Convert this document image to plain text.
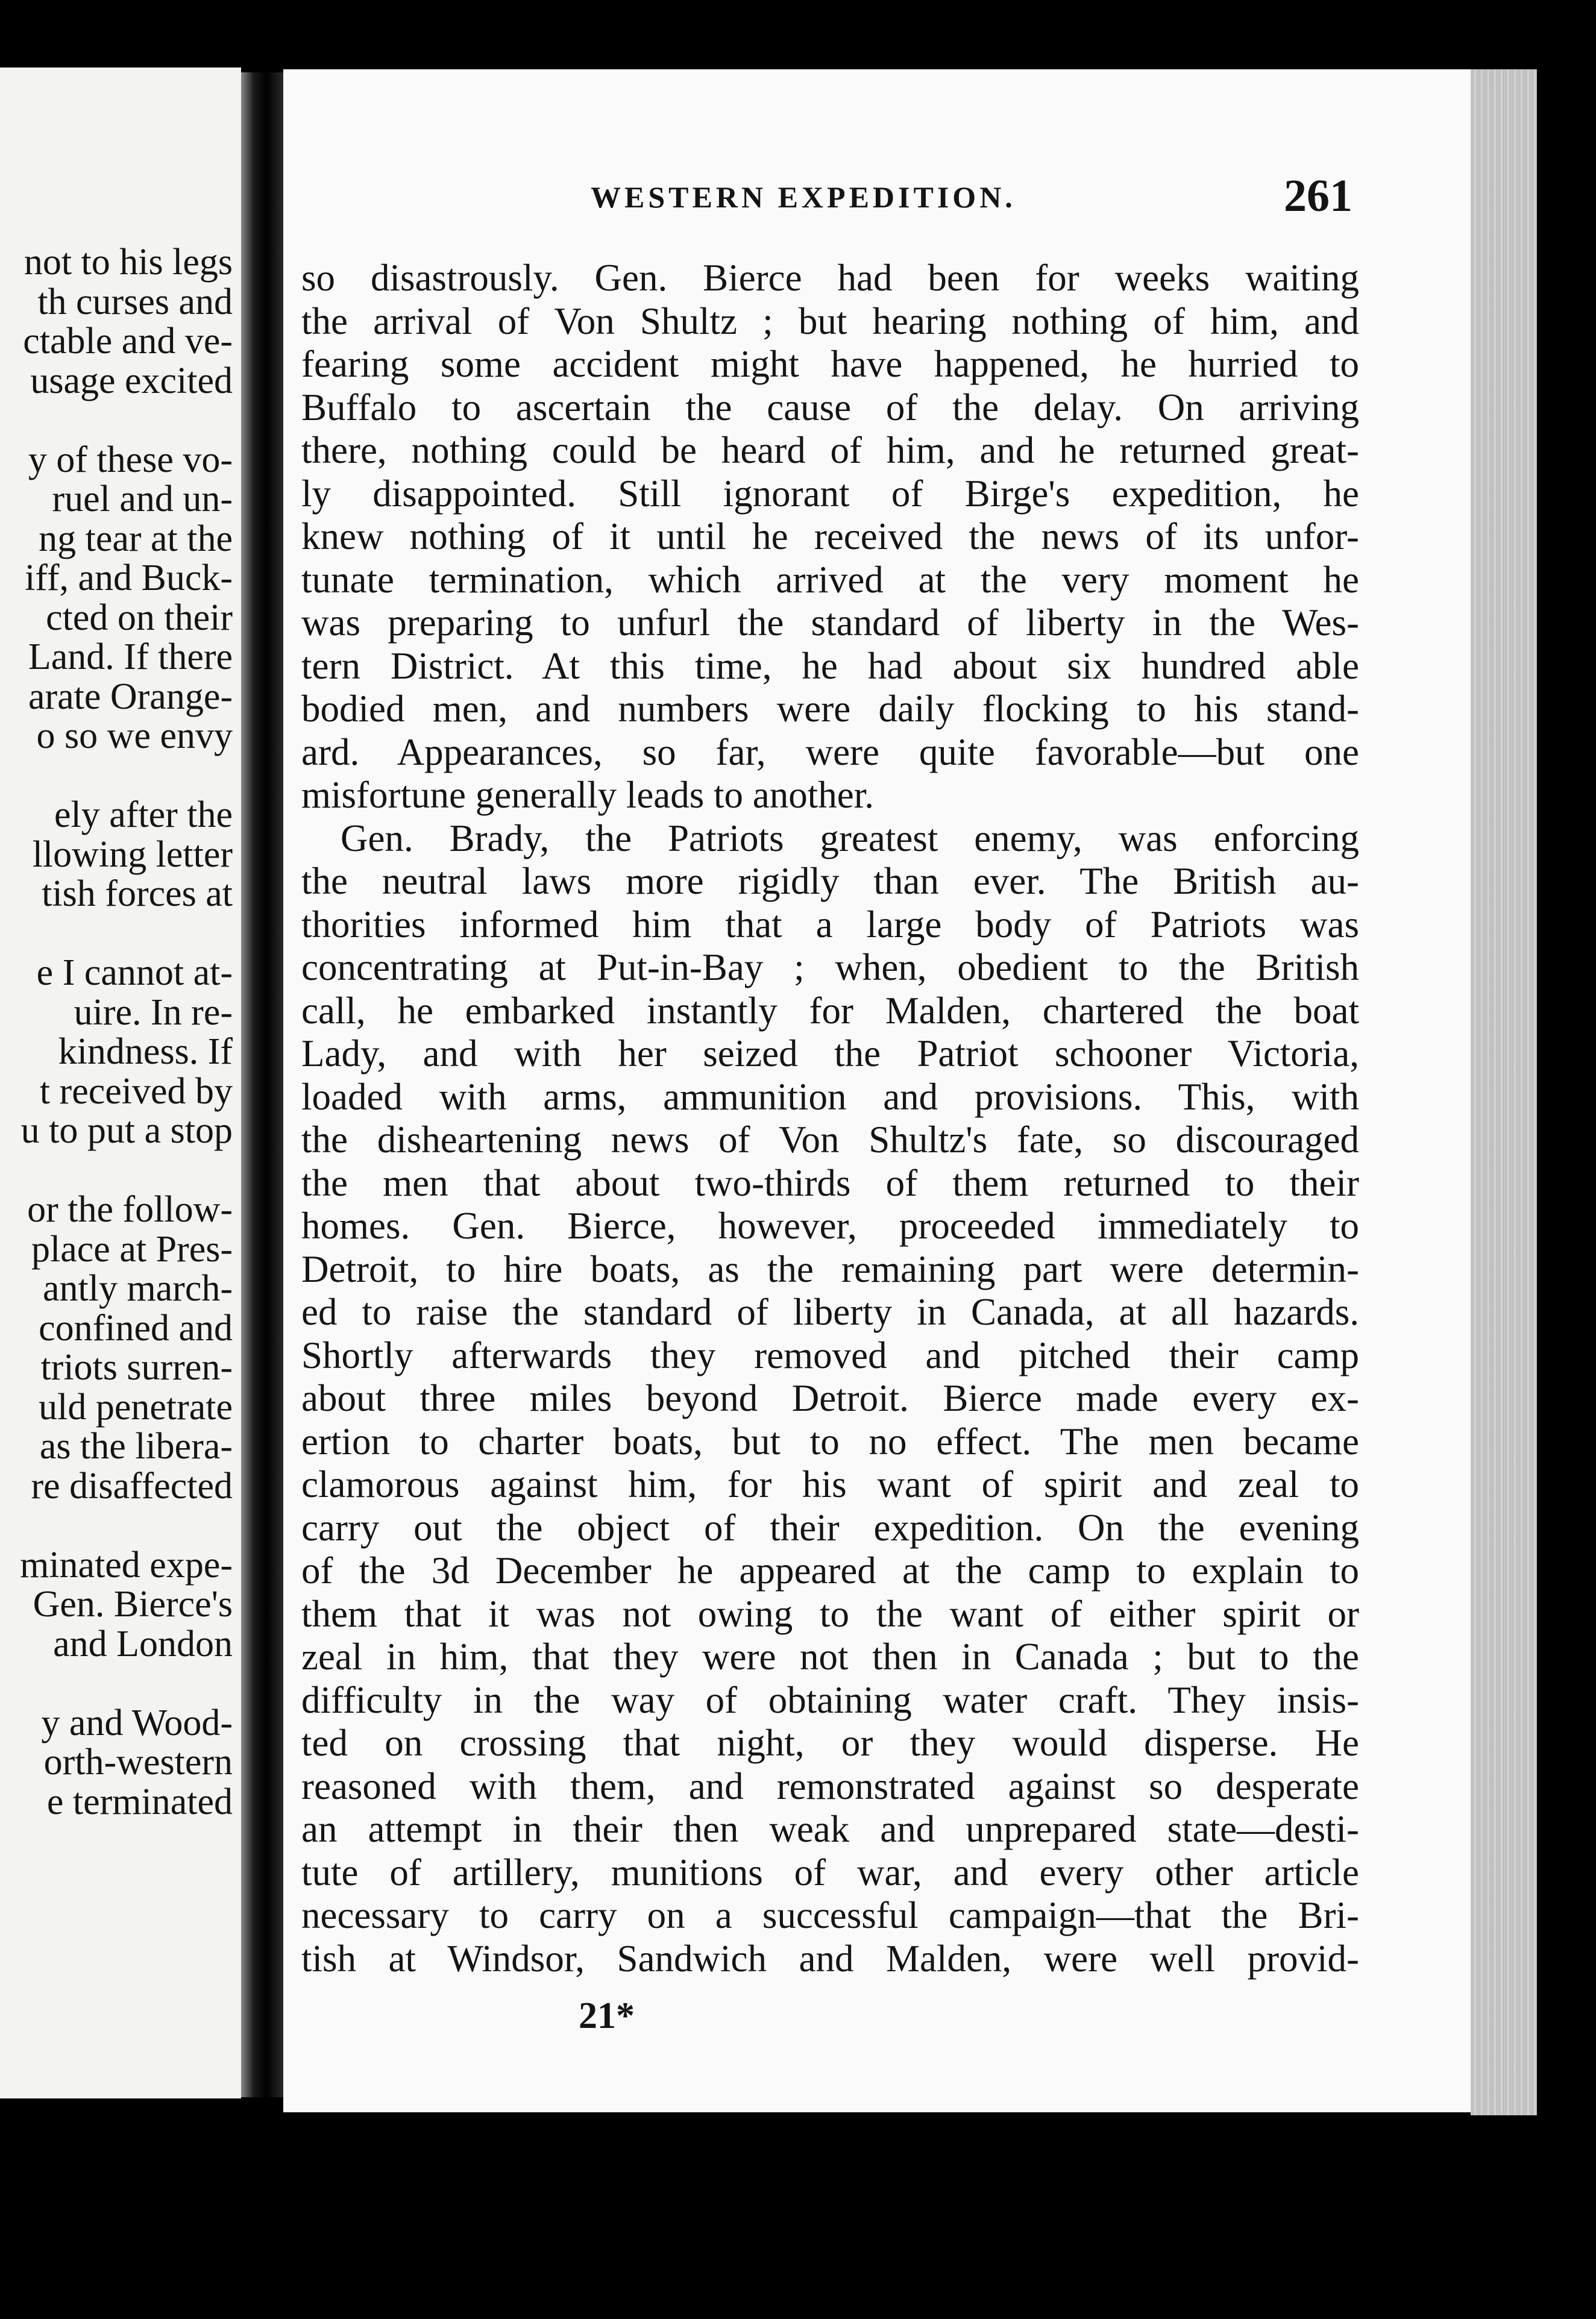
not to his legs
th curses and
ctable and ve-
usage excited
y of these vo-
ruel and un-
ng tear at the
iff, and Buck-
cted on their
Land. If there
arate Orange-
o so we envy
ely after the
llowing letter
tish forces at
e I cannot at-
uire. In re-
kindness. If
t received by
u to put a stop
or the follow-
place at Pres-
antly march-
confined and
triots surren-
uld penetrate
as the libera-
re disaffected
minated expe-
Gen. Bierce's
and London
y and Wood-
orth-western
e terminated
WESTERN EXPEDITION.	261
so disastrously. Gen. Bierce had been for weeks waiting
the arrival of Von Shultz ; but hearing nothing of him, and
fearing some accident might have happened, he hurried to
Buffalo to ascertain the cause of the delay. On arriving
there, nothing could be heard of him, and he returned great-
ly disappointed. Still ignorant of Birge's expedition, he
knew nothing of it until he received the news of its unfor-
tunate termination, which arrived at the very moment he
was preparing to unfurl the standard of liberty in the Wes-
tern District. At this time, he had about six hundred able
bodied men, and numbers were daily flocking to his stand-
ard. Appearances, so far, were quite favorable—but one
misfortune generally leads to another.
Gen. Brady, the Patriots greatest enemy, was enforcing
the neutral laws more rigidly than ever. The British au-
thorities informed him that a large body of Patriots was
concentrating at Put-in-Bay ; when, obedient to the British
call, he embarked instantly for Malden, chartered the boat
Lady, and with her seized the Patriot schooner Victoria,
loaded with arms, ammunition and provisions. This, with
the disheartening news of Von Shultz's fate, so discouraged
the men that about two-thirds of them returned to their
homes. Gen. Bierce, however, proceeded immediately to
Detroit, to hire boats, as the remaining part were determin-
ed to raise the standard of liberty in Canada, at all hazards.
Shortly afterwards they removed and pitched their camp
about three miles beyond Detroit. Bierce made every ex-
ertion to charter boats, but to no effect. The men became
clamorous against him, for his want of spirit and zeal to
carry out the object of their expedition. On the evening
of the 3d December he appeared at the camp to explain to
them that it was not owing to the want of either spirit or
zeal in him, that they were not then in Canada ; but to the
difficulty in the way of obtaining water craft. They insis-
ted on crossing that night, or they would disperse. He
reasoned with them, and remonstrated against so desperate
an attempt in their then weak and unprepared state—desti-
tute of artillery, munitions of war, and every other article
necessary to carry on a successful campaign—that the Bri-
tish at Windsor, Sandwich and Malden, were well provid-
21*
